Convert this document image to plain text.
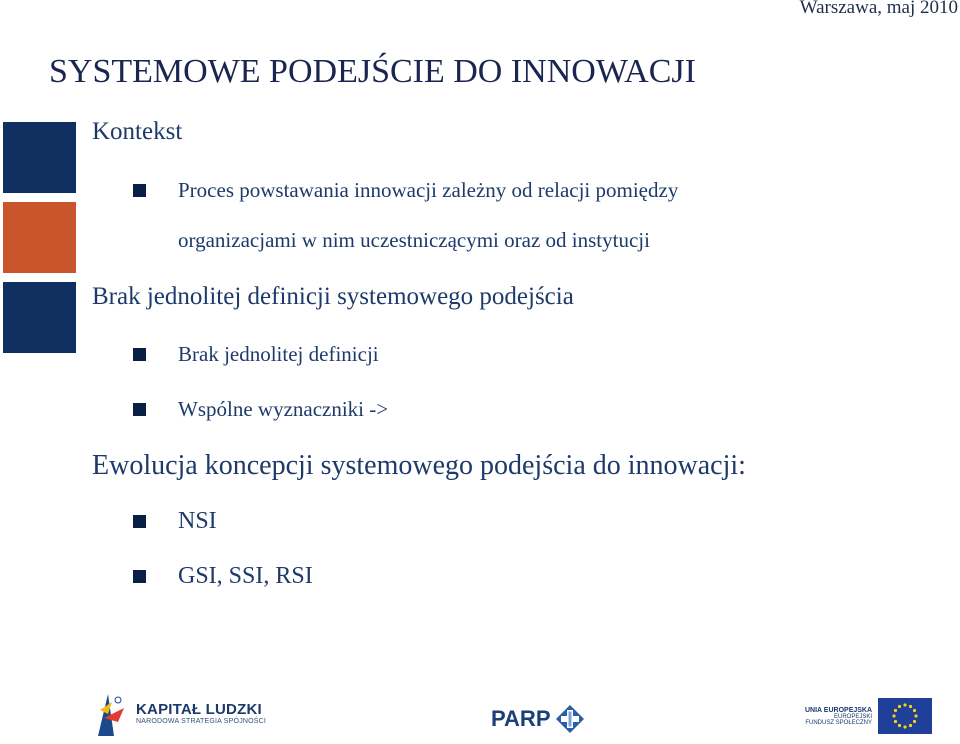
Warszawa, maj 2010
SYSTEMOWE PODEJŚCIE DO INNOWACJI
Kontekst
Proces powstawania innowacji zależny od relacji pomiędzy
organizacjami w nim uczestniczącymi oraz od instytucji
Brak jednolitej definicji systemowego podejścia
Brak jednolitej definicji
Wspólne wyznaczniki ->
Ewolucja koncepcji systemowego podejścia do innowacji:
NSI
GSI, SSI, RSI
KAPITAŁ LUDZKI
NARODOWA STRATEGIA SPÓJNOŚCI	PARP	UNIA EUROPEJSKA
EUROPEJSKI
FUNDUSZ SPOŁECZNY
